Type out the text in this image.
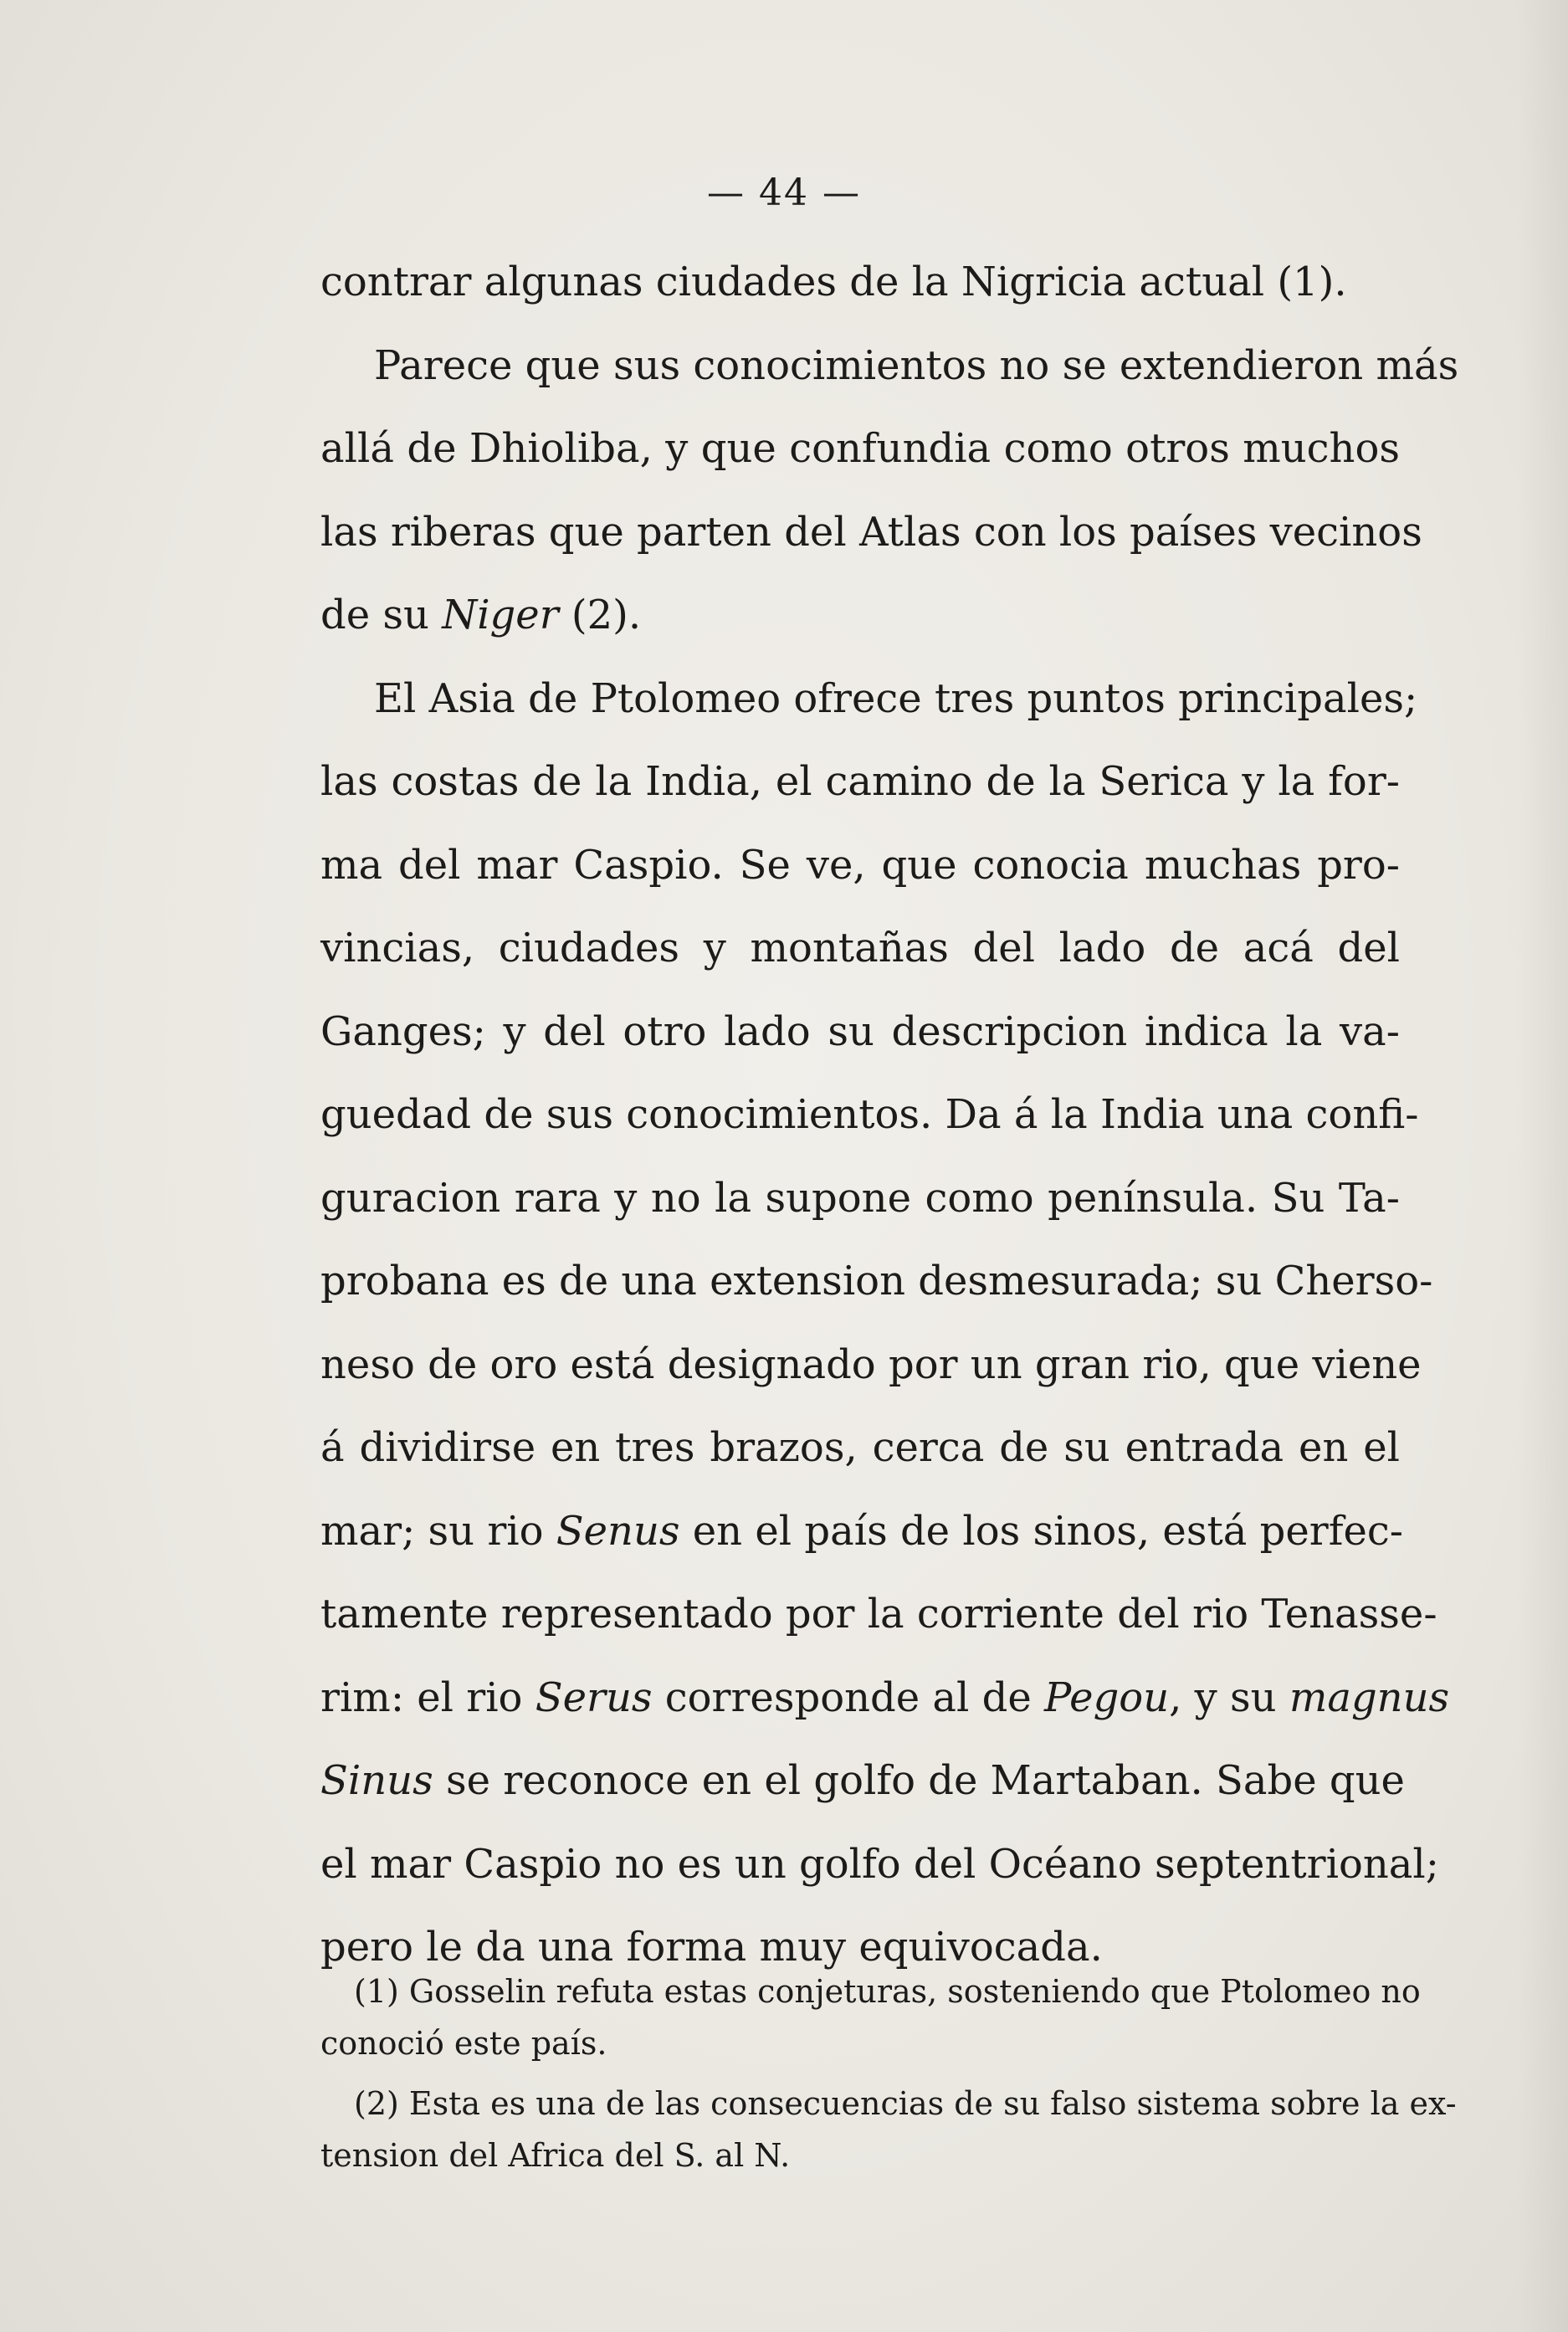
— 44 —
contrar algunas ciudades de la Nigricia actual (1).
Parece que sus conocimientos no se extendieron más
allá de Dhioliba, y que confundia como otros muchos
las riberas que parten del Atlas con los países vecinos
de su Niger (2).
El Asia de Ptolomeo ofrece tres puntos principales;
las costas de la India, el camino de la Serica y la for-
ma del mar Caspio. Se ve, que conocia muchas pro-
vincias, ciudades y montañas del lado de acá del
Ganges; y del otro lado su descripcion indica la va-
guedad de sus conocimientos. Da á la India una confi-
guracion rara y no la supone como península. Su Ta-
probana es de una extension desmesurada; su Cherso-
neso de oro está designado por un gran rio, que viene
á dividirse en tres brazos, cerca de su entrada en el
mar; su rio Senus en el país de los sinos, está perfec-
tamente representado por la corriente del rio Tenasse-
rim: el rio Serus corresponde al de Pegou, y su magnus
Sinus se reconoce en el golfo de Martaban. Sabe que
el mar Caspio no es un golfo del Océano septentrional;
pero le da una forma muy equivocada.
(1) Gosselin refuta estas conjeturas, sosteniendo que Ptolomeo no
conoció este país.
(2) Esta es una de las consecuencias de su falso sistema sobre la ex-
tension del Africa del S. al N.
